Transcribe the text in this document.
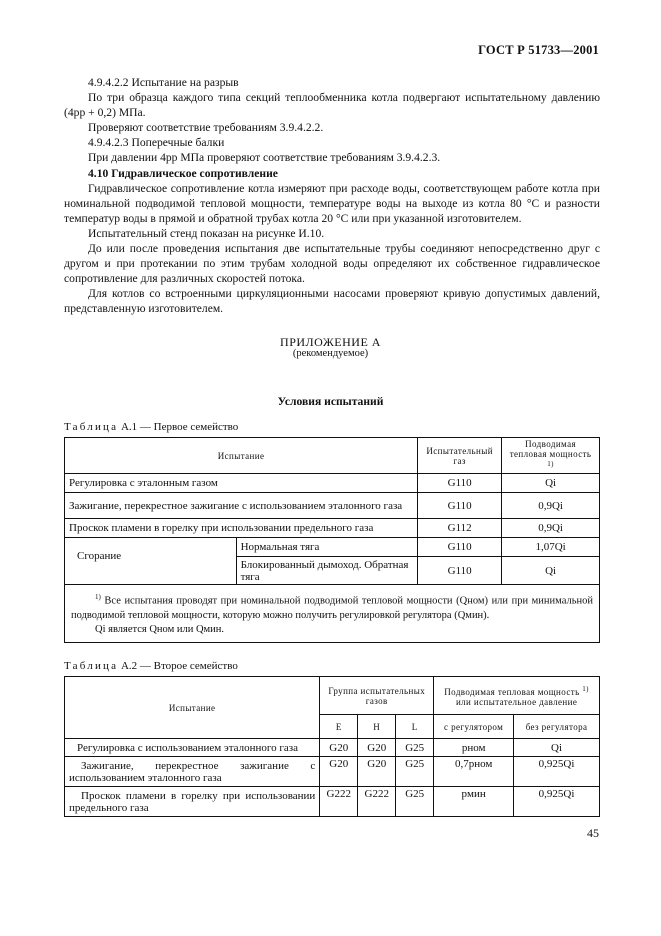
ГОСТ Р 51733—2001

4.9.4.2.2 Испытание на разрыв

По три образца каждого типа секций теплообменника котла подвергают испытательному давлению (4pp + 0,2) МПа.

Проверяют соответствие требованиям 3.9.4.2.2.

4.9.4.2.3 Поперечные балки

При давлении 4pp МПа проверяют соответствие требованиям 3.9.4.2.3.

4.10 Гидравлическое сопротивление

Гидравлическое сопротивление котла измеряют при расходе воды, соответствующем работе котла при номинальной подводимой тепловой мощности, температуре воды на выходе из котла 80 °С и разности температур воды в прямой и обратной трубах котла 20 °С или при указанной изготовителем.

Испытательный стенд показан на рисунке И.10.

До или после проведения испытания две испытательные трубы соединяют непосредственно друг с другом и при протекании по этим трубам холодной воды определяют их собственное гидравлическое сопротивление для различных скоростей потока.

Для котлов со встроенными циркуляционными насосами проверяют кривую допустимых давлений, представленную изготовителем.

ПРИЛОЖЕНИЕ А
(рекомендуемое)
Условия испытаний
Таблица А.1 — Первое семейство
Испытание		Испытательный газ	Подводимая тепловая мощность $^{1)}$
Регулировка с эталонным газом		G110	Qi
Зажигание, перекрестное зажигание с использованием эталонного газа		G110	0,9Qi
Проскок пламени в горелку при использовании предельного газа		G112	0,9Qi
Сгорание	Нормальная тяга	G110	1,07Qi
	Блокированный дымоход. Обратная тяга	G110	Qi

$^{1)}$ Все испытания проводят при номинальной подводимой тепловой мощности (Qном) или при минимальной подводимой тепловой мощности, которую можно получить регулировкой регулятора (Qмин).

Qi является Qном или Qмин.			

Таблица А.2 — Второе семейство
Испытание	Группа испытательных газов			Подводимая тепловая мощность $^{1)}$
или испытательное давление	
	Е	Н	L	с регулятором	без регулятора
Регулировка с использованием эталонного газа	G20	G20	G25	pном	Qi
Зажигание, перекрестное зажигание с использованием эталонного газа	G20	G20	G25	0,7pном	0,925Qi
Проскок пламени в горелку при использовании предельного газа	G222	G222	G25	pмин	0,925Qi
45
